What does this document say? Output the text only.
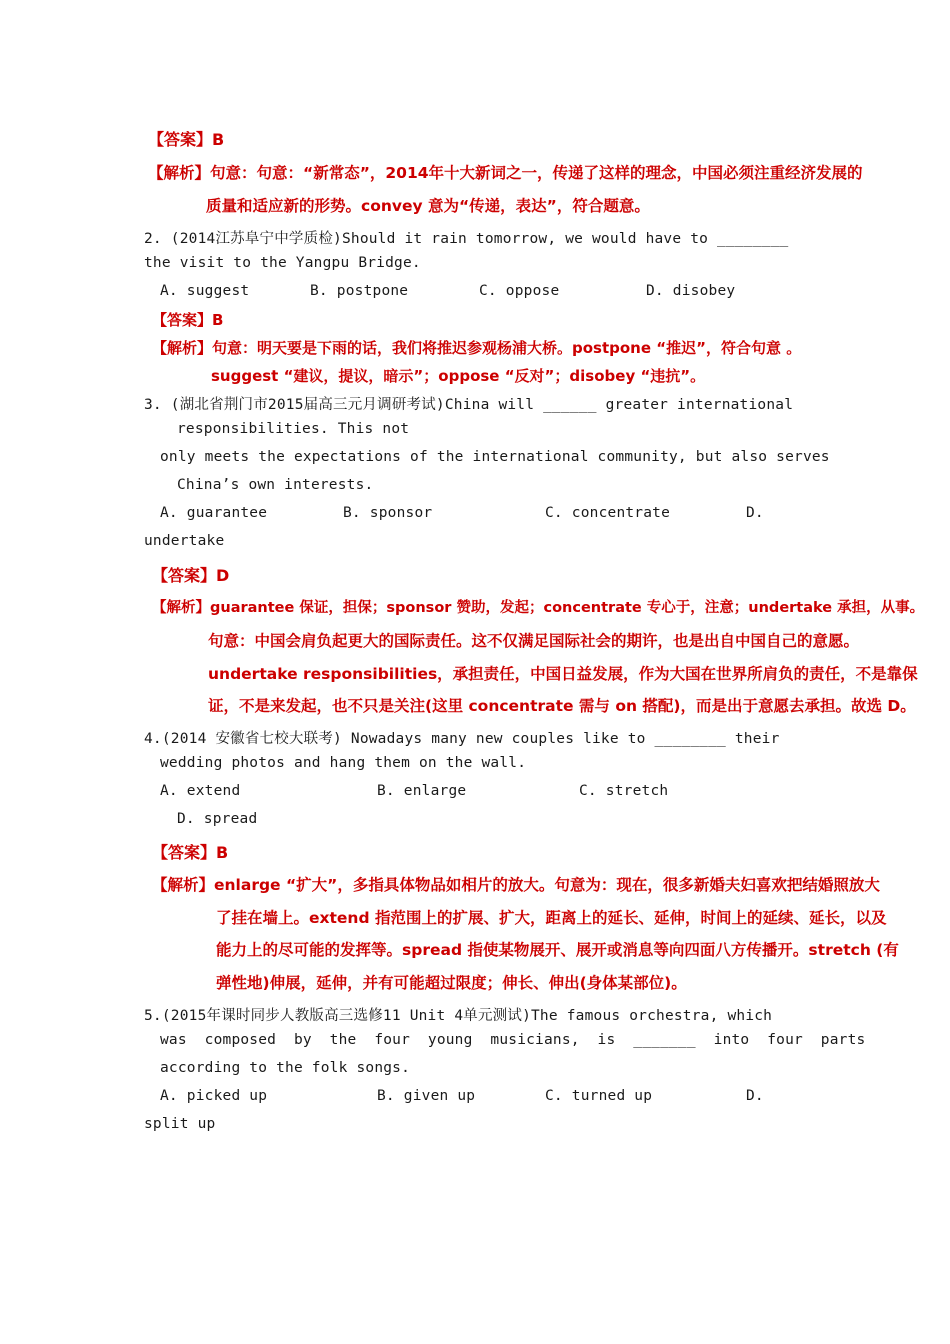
【答案】B
【解析】句意：句意：“新常态”，2014年十大新词之一，传递了这样的理念，中国必须注重经济发展的
质量和适应新的形势。convey 意为“传递，表达”，符合题意。
2. (2014江苏阜宁中学质检)Should it rain tomorrow, we would have to ________
the visit to the Yangpu Bridge.
A. suggest	B. postpone	C. oppose	D. disobey
【答案】B
【解析】句意：明天要是下雨的话，我们将推迟参观杨浦大桥。postpone “推迟”，符合句意 。
suggest “建议，提议，暗示”；oppose “反对”；disobey “违抗”。
3. (湖北省荆门市2015届高三元月调研考试)China will ______ greater international
responsibilities. This not
only meets the expectations of the international community, but also serves
China’s own interests.
A. guarantee	B. sponsor	C. concentrate	D.
undertake
【答案】D
【解析】guarantee 保证，担保；sponsor 赞助，发起；concentrate 专心于，注意；undertake 承担，从事。
句意：中国会肩负起更大的国际责任。这不仅满足国际社会的期许，也是出自中国自己的意愿。
undertake responsibilities，承担责任，中国日益发展，作为大国在世界所肩负的责任，不是靠保
证，不是来发起，也不只是关注(这里 concentrate 需与 on 搭配)，而是出于意愿去承担。故选 D。
4.(2014 安徽省七校大联考) Nowadays many new couples like to ________ their
wedding photos and hang them on the wall.
A. extend	B. enlarge	C. stretch
D. spread
【答案】B
【解析】enlarge “扩大”，多指具体物品如相片的放大。句意为：现在，很多新婚夫妇喜欢把结婚照放大
了挂在墙上。extend 指范围上的扩展、扩大，距离上的延长、延伸，时间上的延续、延长，以及
能力上的尽可能的发挥等。spread 指使某物展开、展开或消息等向四面八方传播开。stretch (有
弹性地)伸展，延伸，并有可能超过限度；伸长、伸出(身体某部位)。
5.(2015年课时同步人教版高三选修11 Unit 4单元测试)The famous orchestra, which
was  composed  by  the  four  young  musicians,  is  _______  into  four  parts
according to the folk songs.
A. picked up	B. given up	C. turned up	D.
split up
